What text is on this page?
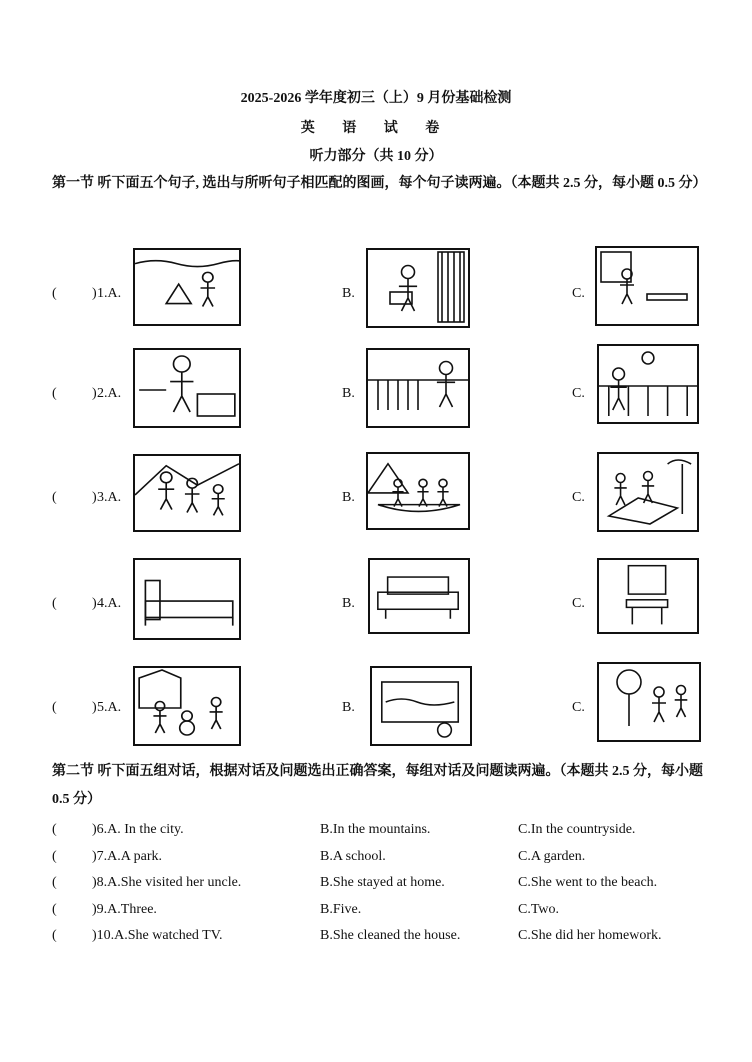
2025-2026 学年度初三（上）9 月份基础检测
英 语 试 卷
听力部分（共 10 分）
第一节 听下面五个句子, 选出与所听句子相匹配的图画，每个句子读两遍。（本题共 2.5 分，每小题 0.5 分）
(	) 1.A.	B.	C.
(	) 2.A.	B.	C.
(	) 3.A.	B.	C.
(	) 4.A.	B.	C.
(	) 5.A.	B.	C.
第二节 听下面五组对话，根据对话及问题选出正确答案，每组对话及问题读两遍。（本题共 2.5 分，每小题 0.5 分）
(	)6.A. In the city.	B.In the mountains.	C.In the countryside.
(	)7.A.A park.	B.A school.	C.A garden.
(	)8.A.She visited her uncle.	B.She stayed at home.	C.She went to the beach.
(	)9.A.Three.	B.Five.	C.Two.
(	)10.A.She watched TV.	B.She cleaned the house.	C.She did her homework.
